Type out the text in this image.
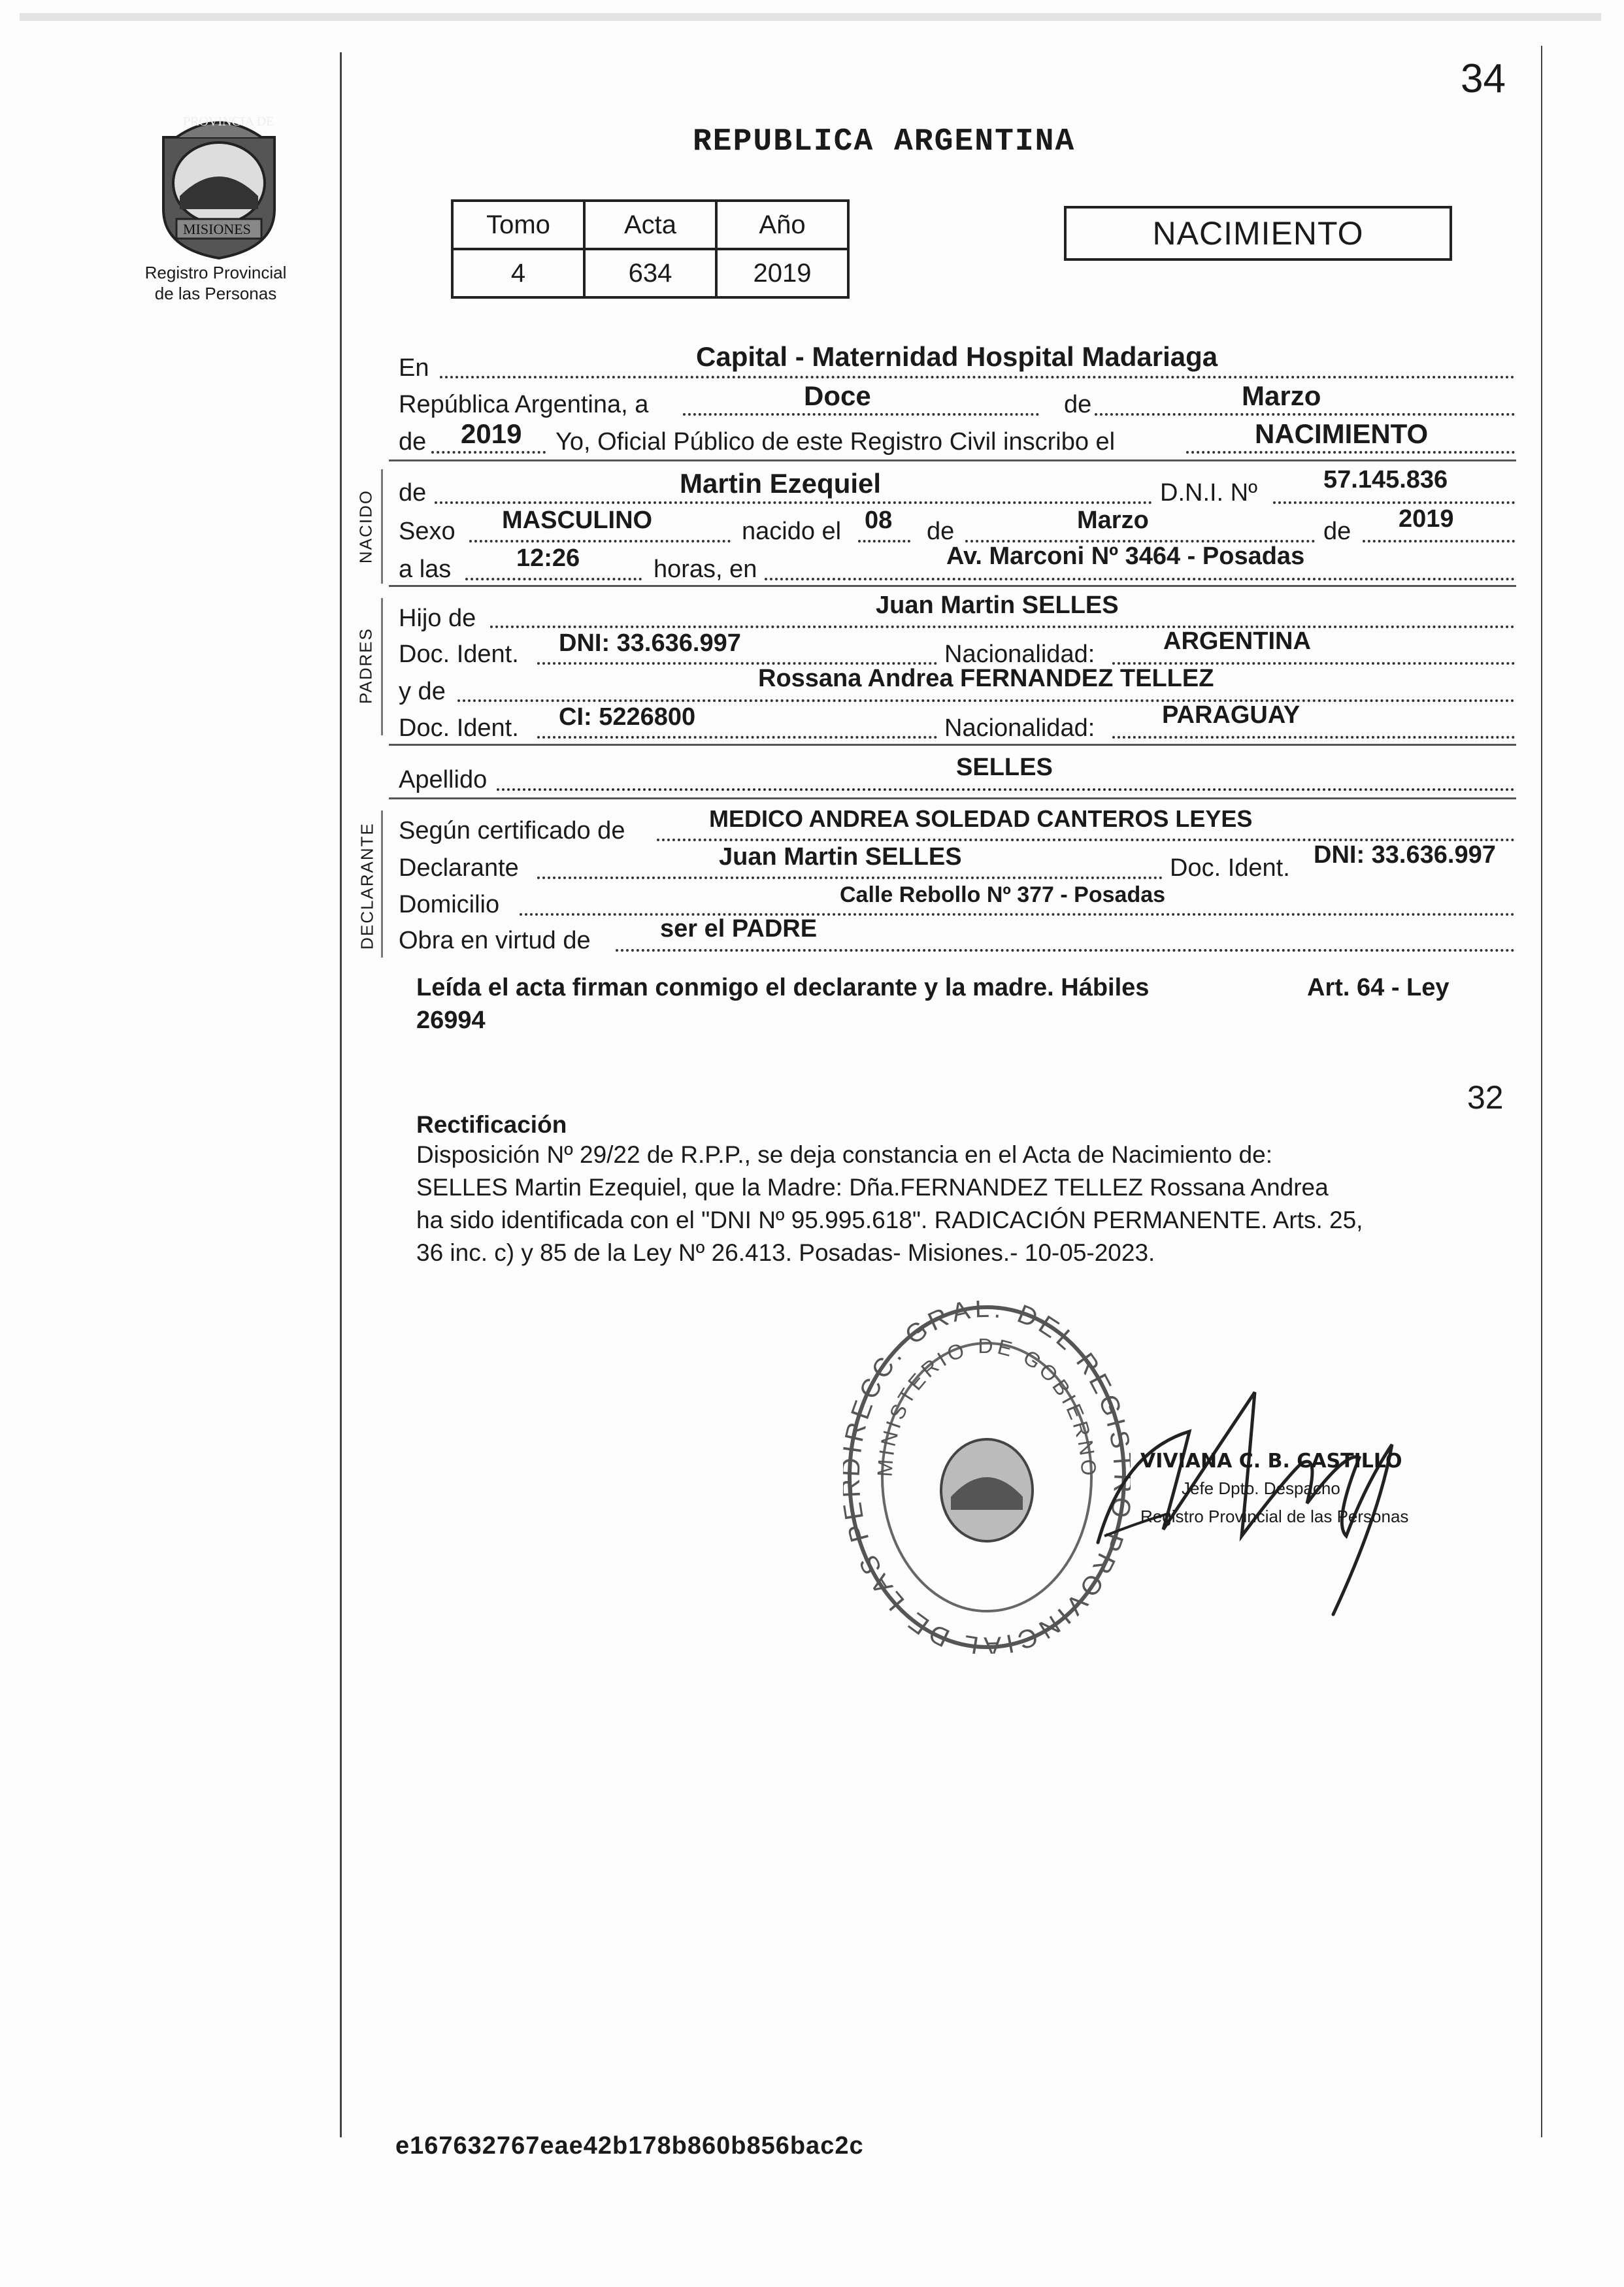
34
PROVINCIA DE
MISIONES
Registro Provincial
de las Personas
REPUBLICA ARGENTINA
Tomo	Acta	Año
4	634	2019
NACIMIENTO
En	Capital - Maternidad Hospital Madariaga
República Argentina, a	Doce	de	Marzo
de 2019 Yo, Oficial Público de este Registro Civil inscribo el	NACIMIENTO
NACIDO de	Martin Ezequiel	D.N.I. Nº	57.145.836
Sexo MASCULINO	nacido el 08 de	Marzo	de 2019
a las	12:26	horas, en	Av. Marconi Nº 3464 - Posadas
PADRES
Hijo de	Juan Martin SELLES
Doc. Ident. DNI: 33.636.997	Nacionalidad:	ARGENTINA
y de	Rossana Andrea FERNANDEZ TELLEZ
Doc. Ident. CI: 5226800	Nacionalidad:	PARAGUAY
Apellido	SELLES
DECLARANTE Según certificado de	MEDICO ANDREA SOLEDAD CANTEROS LEYES
Declarante	Juan Martin SELLES	Doc. Ident. DNI: 33.636.997
Domicilio	Calle Rebollo Nº 377 - Posadas
Obra en virtud de	ser el PADRE
Leída el acta firman conmigo el declarante y la madre. Hábiles	Art. 64 - Ley
26994
32
Rectificación
Disposición Nº 29/22 de R.P.P., se deja constancia en el Acta de Nacimiento de:
SELLES Martin Ezequiel, que la Madre: Dña.FERNANDEZ TELLEZ Rossana Andrea
ha sido identificada con el "DNI Nº 95.995.618". RADICACIÓN PERMANENTE. Arts. 25,
36 inc. c) y 85 de la Ley Nº 26.413. Posadas- Misiones.- 10-05-2023.
ECC. GRAL. DEL REGI PROVINCIAL DE LAS P
MINISTERIO DE GOBIERNO VIVIANA C. B. CASTILLO
Jefe Dpto. Despacho
Registro Provincial de las Personas
e167632767eae42b178b860b856bac2c
